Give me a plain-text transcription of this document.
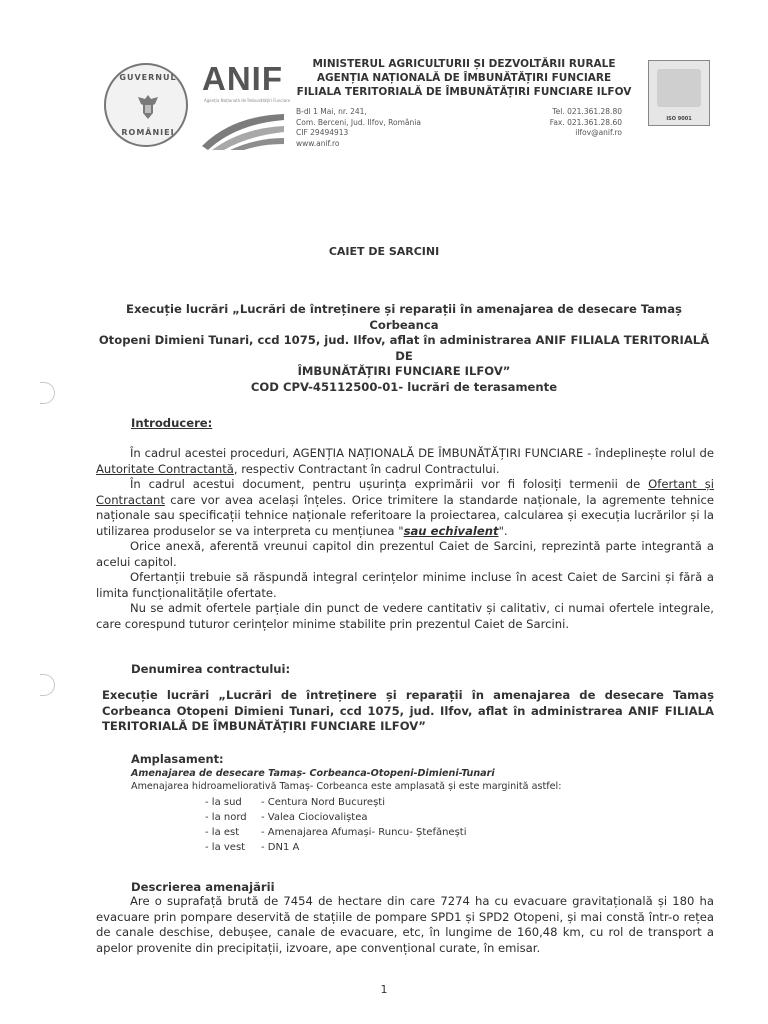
GUVERNUL
ROMÂNIEI
ANIF
Agenția Națională de Îmbunătățiri Funciare
MINISTERUL AGRICULTURII ȘI DEZVOLTĂRII RURALE
AGENȚIA NAȚIONALĂ DE ÎMBUNĂTĂȚIRI FUNCIARE
FILIALA TERITORIALĂ DE ÎMBUNĂTĂȚIRI FUNCIARE ILFOV
B-dl 1 Mai, nr. 241,
Com. Berceni, Jud. Ilfov, România
CIF 29494913
www.anif.ro
Tel. 021.361.28.80
Fax. 021.361.28.60
ilfov@anif.ro
ISO 9001
CAIET DE SARCINI
Execuție lucrări „Lucrări de întreținere și reparații în amenajarea de desecare Tamaș Corbeanca
Otopeni Dimieni Tunari, ccd 1075, jud. Ilfov, aflat în administrarea ANIF FILIALA TERITORIALĂ DE
ÎMBUNĂTĂȚIRI FUNCIARE ILFOV”
COD CPV-45112500-01- lucrări de terasamente
Introducere:

În cadrul acestei proceduri, AGENȚIA NAȚIONALĂ DE ÎMBUNĂTĂȚIRI FUNCIARE - îndeplinește rolul de Autoritate Contractantă, respectiv Contractant în cadrul Contractului.

În cadrul acestui document, pentru ușurința exprimării vor fi folosiți termenii de Ofertant și Contractant care vor avea același înțeles. Orice trimitere la standarde naționale, la agremente tehnice naționale sau specificații tehnice naționale referitoare la proiectarea, calcularea și execuția lucrărilor și la utilizarea produselor se va interpreta cu mențiunea "sau echivalent".

Orice anexă, aferentă vreunui capitol din prezentul Caiet de Sarcini, reprezintă parte integrantă a acelui capitol.

Ofertanții trebuie să răspundă integral cerințelor minime incluse în acest Caiet de Sarcini și fără a limita funcționalitățile ofertate.

Nu se admit ofertele parțiale din punct de vedere cantitativ și calitativ, ci numai ofertele integrale, care corespund tuturor cerințelor minime stabilite prin prezentul Caiet de Sarcini.

Denumirea contractului:
Execuție lucrări „Lucrări de întreținere și reparații în amenajarea de desecare Tamaș Corbeanca Otopeni Dimieni Tunari, ccd 1075, jud. Ilfov, aflat în administrarea ANIF FILIALA TERITORIALĂ DE ÎMBUNĂTĂȚIRI FUNCIARE ILFOV”
Amplasament:
Amenajarea de desecare Tamaș- Corbeanca-Otopeni-Dimieni-Tunari
Amenajarea hidroameliorativă Tamaș- Corbeanca este amplasată și este marginită astfel:
- la sud - Centura Nord București
- la nord - Valea Ciociovaliștea
- la est - Amenajarea Afumași- Runcu- Ștefănești
- la vest - DN1 A
Descrierea amenajării

Are o suprafață brută de 7454 de hectare din care 7274 ha cu evacuare gravitațională și 180 ha evacuare prin pompare deservită de stațiile de pompare SPD1 și SPD2 Otopeni, și mai constă într-o rețea de canale deschise, debușee, canale de evacuare, etc, în lungime de 160,48 km, cu rol de transport a apelor provenite din precipitații, izvoare, ape convențional curate, în emisar.

1
